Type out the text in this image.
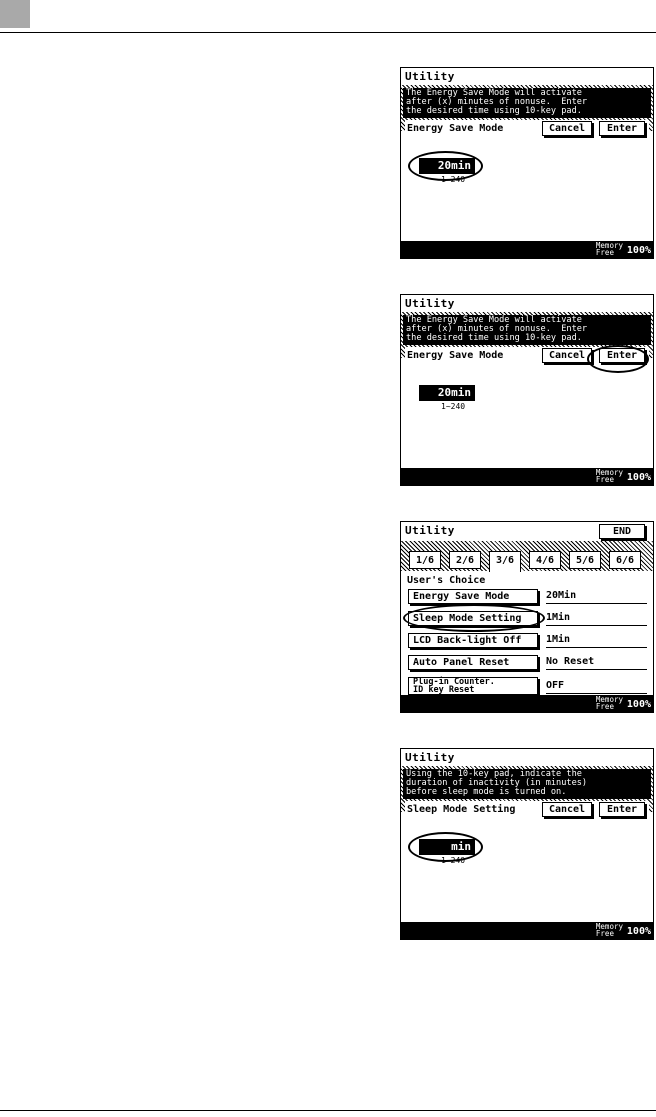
Utility
The Energy Save Mode will activate
after (x) minutes of nonuse.  Enter
the desired time using 10-key pad.
Energy Save Mode	Cancel	Enter
20min
1~240
Memory
Free	100%
Utility
The Energy Save Mode will activate
after (x) minutes of nonuse.  Enter
the desired time using 10-key pad.
Energy Save Mode	Cancel	Enter
20min
1~240
Memory
Free	100%
Utility	END
1/6	2/6	3/6	4/6	5/6	6/6
User's Choice
Energy Save Mode	20Min
Sleep Mode Setting	1Min
LCD Back-light Off	1Min
Auto Panel Reset	No Reset
Plug-in Counter.
ID key Reset	OFF
Memory
Free	100%
Utility
Using the 10-key pad, indicate the
duration of inactivity (in minutes)
before sleep mode is turned on.
Sleep Mode Setting	Cancel	Enter
min
1~240
Memory
Free	100%
